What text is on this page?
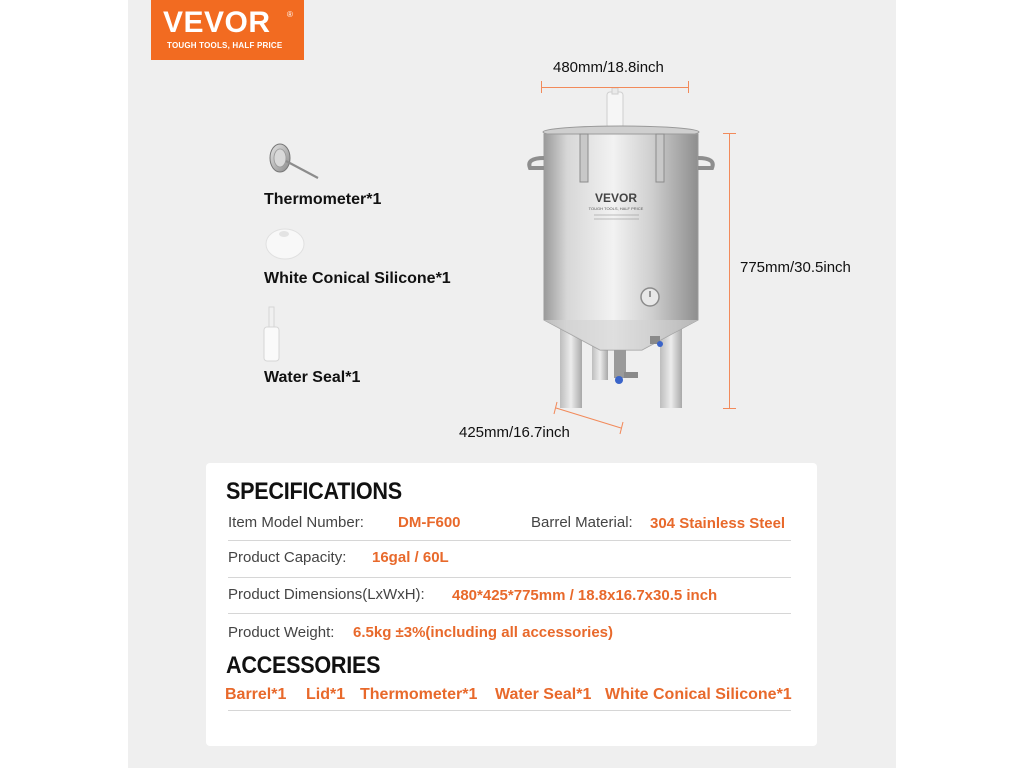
VEVOR ®
TOUGH TOOLS, HALF PRICE
Thermometer*1
White Conical Silicone*1
Water Seal*1
480mm/18.8inch
VEVOR
TOUGH TOOLS, HALF PRICE
775mm/30.5inch
425mm/16.7inch
SPECIFICATIONS
Item Model Number: DM-F600	Barrel Material: 304 Stainless Steel
Product Capacity: 16gal / 60L
Product Dimensions(LxWxH): 480*425*775mm / 18.8x16.7x30.5 inch
Product Weight: 6.5kg ±3%(including all accessories)
ACCESSORIES
Barrel*1 Lid*1 Thermometer*1 Water Seal*1 White Conical Silicone*1
